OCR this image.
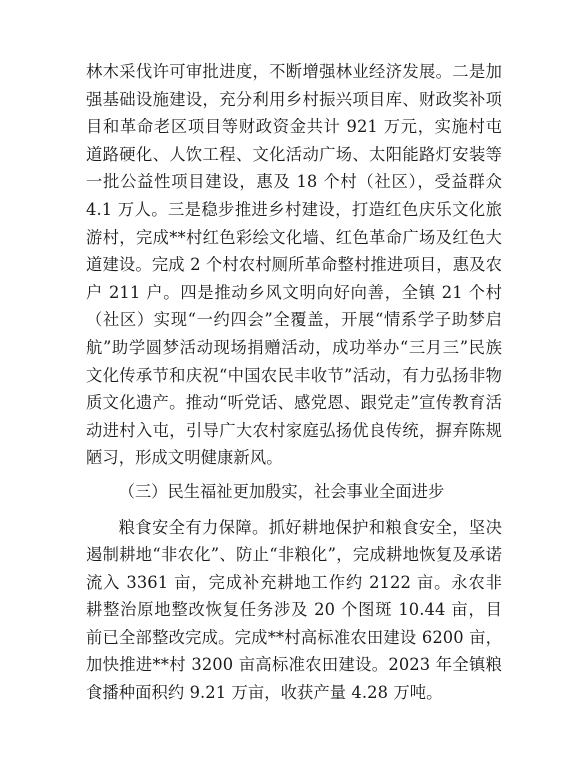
林木采伐许可审批进度，不断增强林业经济发展。二是加强基础设施建设，充分利用乡村振兴项目库、财政奖补项目和革命老区项目等财政资金共计 921 万元，实施村屯道路硬化、人饮工程、文化活动广场、太阳能路灯安装等一批公益性项目建设，惠及 18 个村（社区），受益群众 4.1 万人。三是稳步推进乡村建设，打造红色庆乐文化旅游村，完成**村红色彩绘文化墙、红色革命广场及红色大道建设。完成 2 个村农村厕所革命整村推进项目，惠及农户 211 户。四是推动乡风文明向好向善，全镇 21 个村（社区）实现“一约四会”全覆盖，开展“情系学子助梦启航”助学圆梦活动现场捐赠活动，成功举办“三月三”民族文化传承节和庆祝“中国农民丰收节”活动，有力弘扬非物质文化遗产。推动“听党话、感党恩、跟党走”宣传教育活动进村入屯，引导广大农村家庭弘扬优良传统，摒弃陈规陋习，形成文明健康新风。

（三）民生福祉更加殷实，社会事业全面进步

粮食安全有力保障。抓好耕地保护和粮食安全，坚决遏制耕地“非农化”、防止“非粮化”，完成耕地恢复及承诺流入 3361 亩，完成补充耕地工作约 2122 亩。永农非耕整治原地整改恢复任务涉及 20 个图斑 10.44 亩，目前已全部整改完成。完成**村高标准农田建设 6200 亩，加快推进**村 3200 亩高标准农田建设。2023 年全镇粮食播种面积约 9.21 万亩，收获产量 4.28 万吨。
